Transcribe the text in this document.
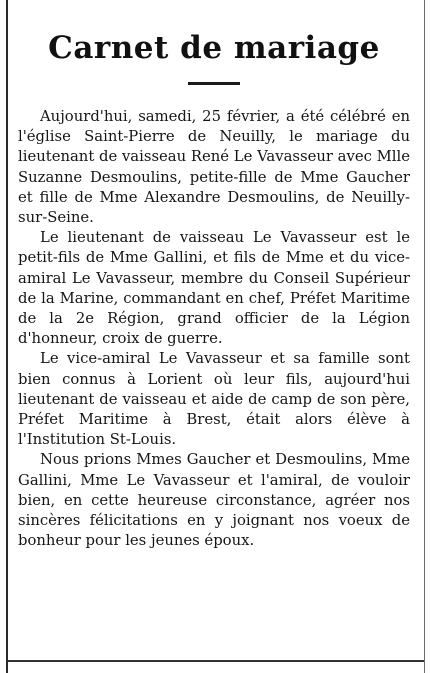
Carnet de mariage

Aujourd'hui, samedi, 25 février, a été célébré en l'église Saint-Pierre de Neuilly, le mariage du lieutenant de vaisseau René Le Vavasseur avec Mlle Suzanne Desmoulins, petite-fille de Mme Gaucher et fille de Mme Alexandre Desmoulins, de Neuilly-sur-Seine.

Le lieutenant de vaisseau Le Vavasseur est le petit-fils de Mme Gallini, et fils de Mme et du vice-amiral Le Vavasseur, membre du Conseil Supérieur de la Marine, commandant en chef, Préfet Maritime de la 2e Région, grand officier de la Légion d'honneur, croix de guerre.

Le vice-amiral Le Vavasseur et sa famille sont bien connus à Lorient où leur fils, aujourd'hui lieutenant de vaisseau et aide de camp de son père, Préfet Maritime à Brest, était alors élève à l'Institution St-Louis.

Nous prions Mmes Gaucher et Desmoulins, Mme Gallini, Mme Le Vavasseur et l'amiral, de vouloir bien, en cette heureuse circonstance, agréer nos sincères félicitations en y joignant nos voeux de bonheur pour les jeunes époux.
